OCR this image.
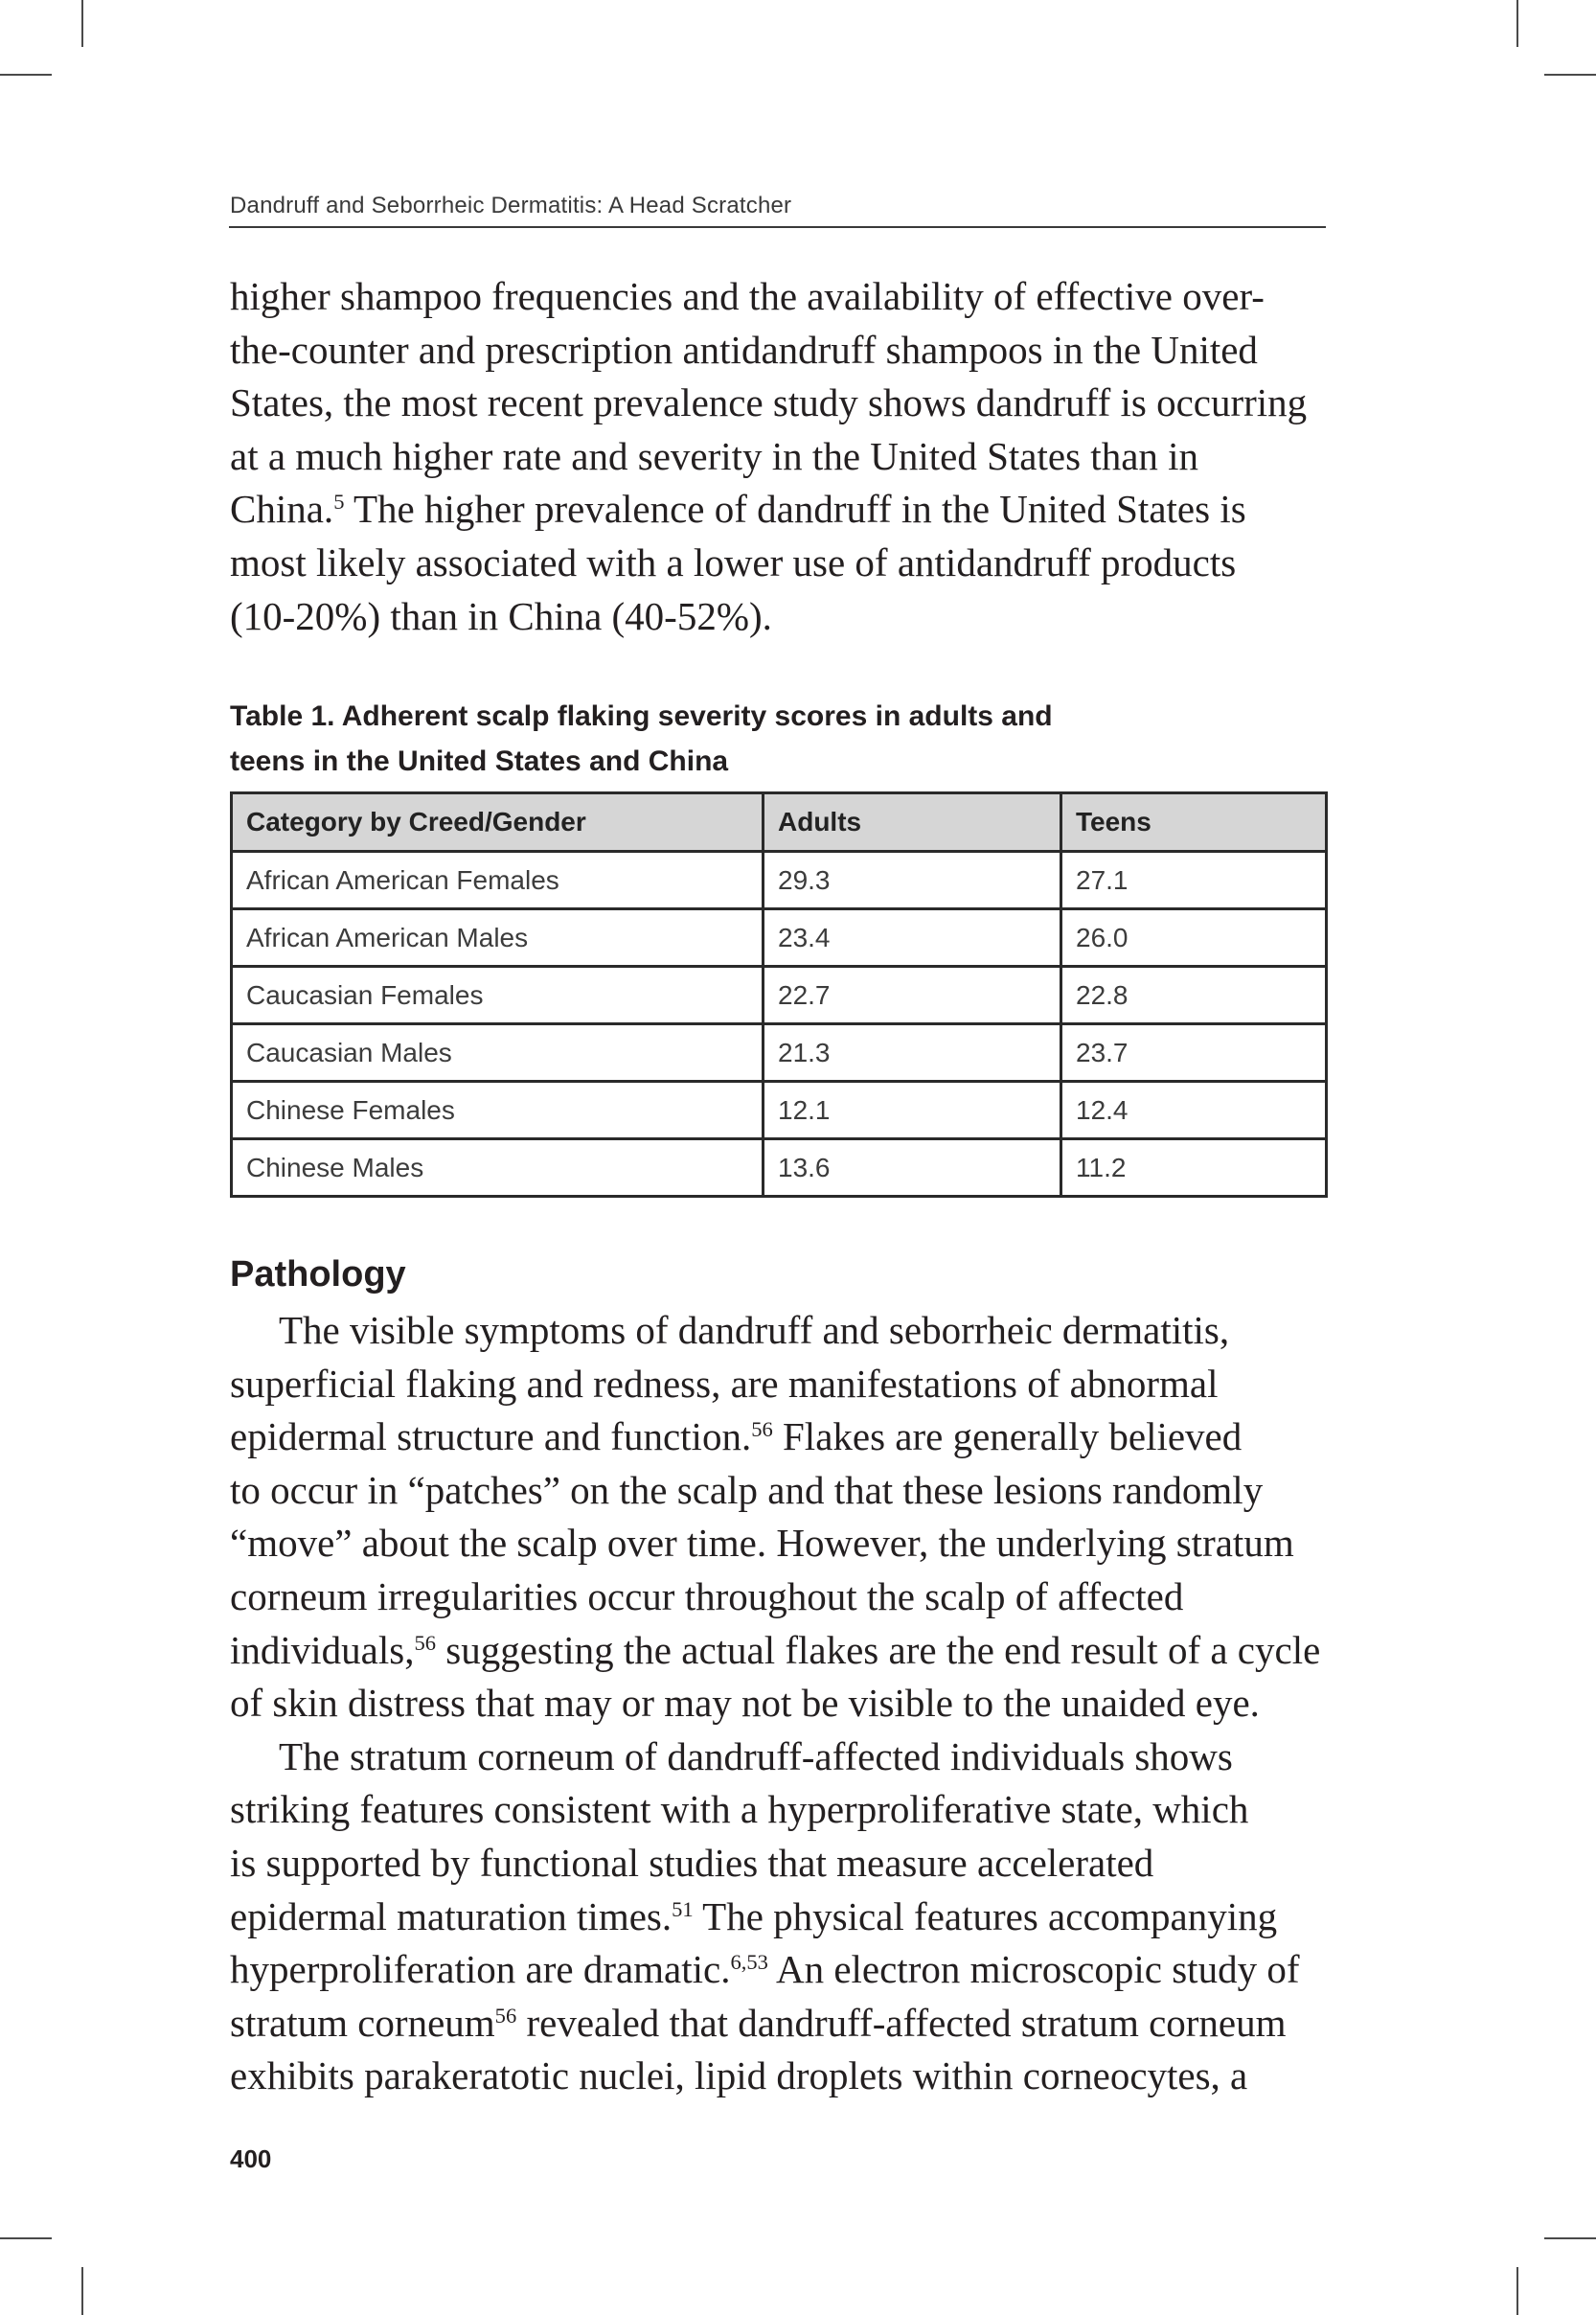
Dandruff and Seborrheic Dermatitis: A Head Scratcher
higher shampoo frequencies and the availability of effective over-
the-counter and prescription antidandruff shampoos in the United
States, the most recent prevalence study shows dandruff is occurring
at a much higher rate and severity in the United States than in
China.$^5$ The higher prevalence of dandruff in the United States is
most likely associated with a lower use of antidandruff products
(10-20%) than in China (40-52%).
Table 1. Adherent scalp flaking severity scores in adults and
teens in the United States and China
Category by Creed/Gender	Adults	Teens
African American Females	29.3	27.1
African American Males	23.4	26.0
Caucasian Females	22.7	22.8
Caucasian Males	21.3	23.7
Chinese Females	12.1	12.4
Chinese Males	13.6	11.2
Pathology
The visible symptoms of dandruff and seborrheic dermatitis,
superficial flaking and redness, are manifestations of abnormal
epidermal structure and function.$^{56}$ Flakes are generally believed
to occur in “patches” on the scalp and that these lesions randomly
“move” about the scalp over time. However, the underlying stratum
corneum irregularities occur throughout the scalp of affected
individuals,$^{56}$ suggesting the actual flakes are the end result of a cycle
of skin distress that may or may not be visible to the unaided eye.
The stratum corneum of dandruff-affected individuals shows
striking features consistent with a hyperproliferative state, which
is supported by functional studies that measure accelerated
epidermal maturation times.$^{51}$ The physical features accompanying
hyperproliferation are dramatic.$^{6,53}$ An electron microscopic study of
stratum corneum$^{56}$ revealed that dandruff-affected stratum corneum
exhibits parakeratotic nuclei, lipid droplets within corneocytes, a
400
